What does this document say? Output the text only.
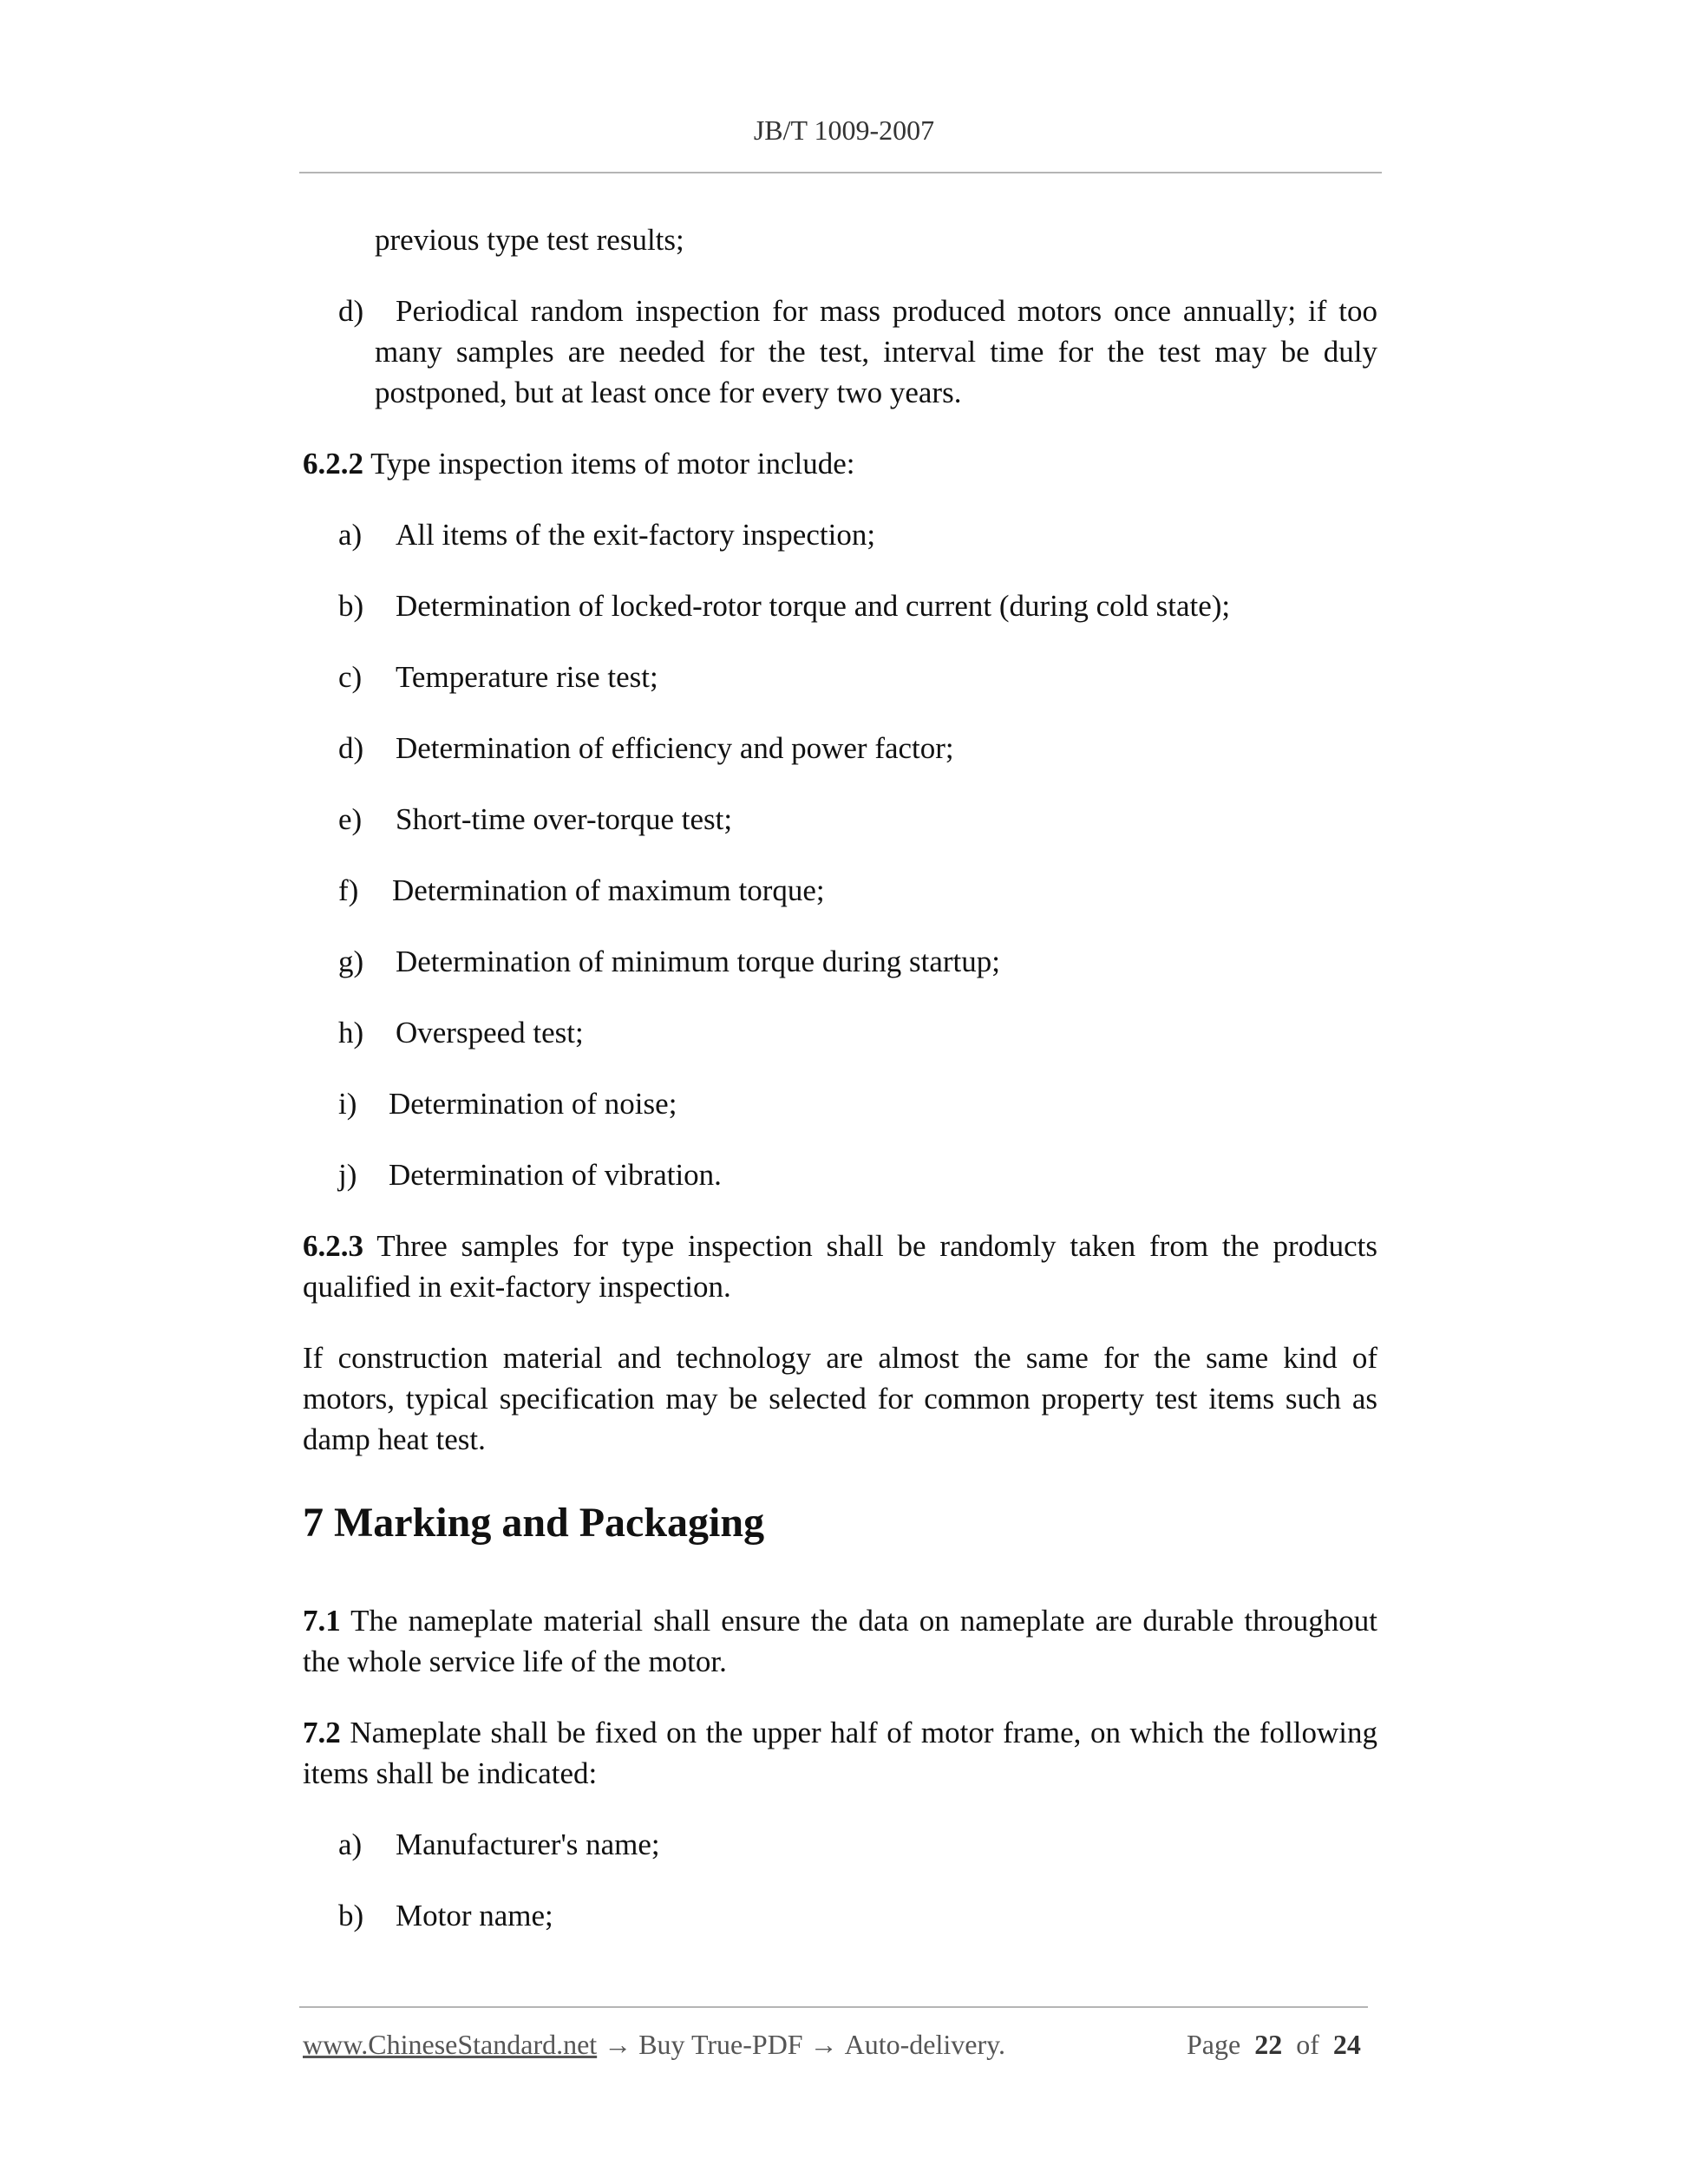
JB/T 1009-2007
previous type test results;
d) Periodical random inspection for mass produced motors once annually; if too
many samples are needed for the test, interval time for the test may be duly
postponed, but at least once for every two years.
6.2.2 Type inspection items of motor include:
a) All items of the exit-factory inspection;
b) Determination of locked-rotor torque and current (during cold state);
c) Temperature rise test;
d) Determination of efficiency and power factor;
e) Short-time over-torque test;
f) Determination of maximum torque;
g) Determination of minimum torque during startup;
h) Overspeed test;
i) Determination of noise;
j) Determination of vibration.
6.2.3 Three samples for type inspection shall be randomly taken from the products
qualified in exit-factory inspection.
If construction material and technology are almost the same for the same kind of
motors, typical specification may be selected for common property test items such as
damp heat test.
7 Marking and Packaging
7.1 The nameplate material shall ensure the data on nameplate are durable throughout
the whole service life of the motor.
7.2 Nameplate shall be fixed on the upper half of motor frame, on which the following
items shall be indicated:
a) Manufacturer's name;
b) Motor name;
www.ChineseStandard.net → Buy True-PDF → Auto-delivery.	Page 22 of 24
